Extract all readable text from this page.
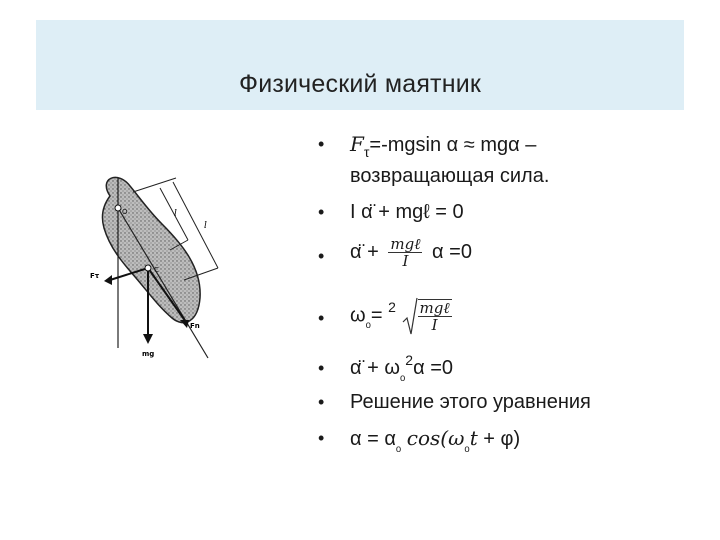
Физический маятник
l
l
Fτ
Fn
mg
O
C
•	$F_\tau=$-mgsin α ≈ mgα –
возвращающая сила.
•	I α̈ + mgℓ = 0
•	α̈ + $\frac{\text{mgℓ}}{I}$ α =0
•	$\omega_{_o}= ^2 \frac{\text{mgℓ}}{I}$
•	α̈ + $\omega_{_o}^2\alpha =0$
•	Решение этого уравнения
•	$\alpha = \alpha_{_o}$ $\cos(\omega_{_o}t + \varphi)$
